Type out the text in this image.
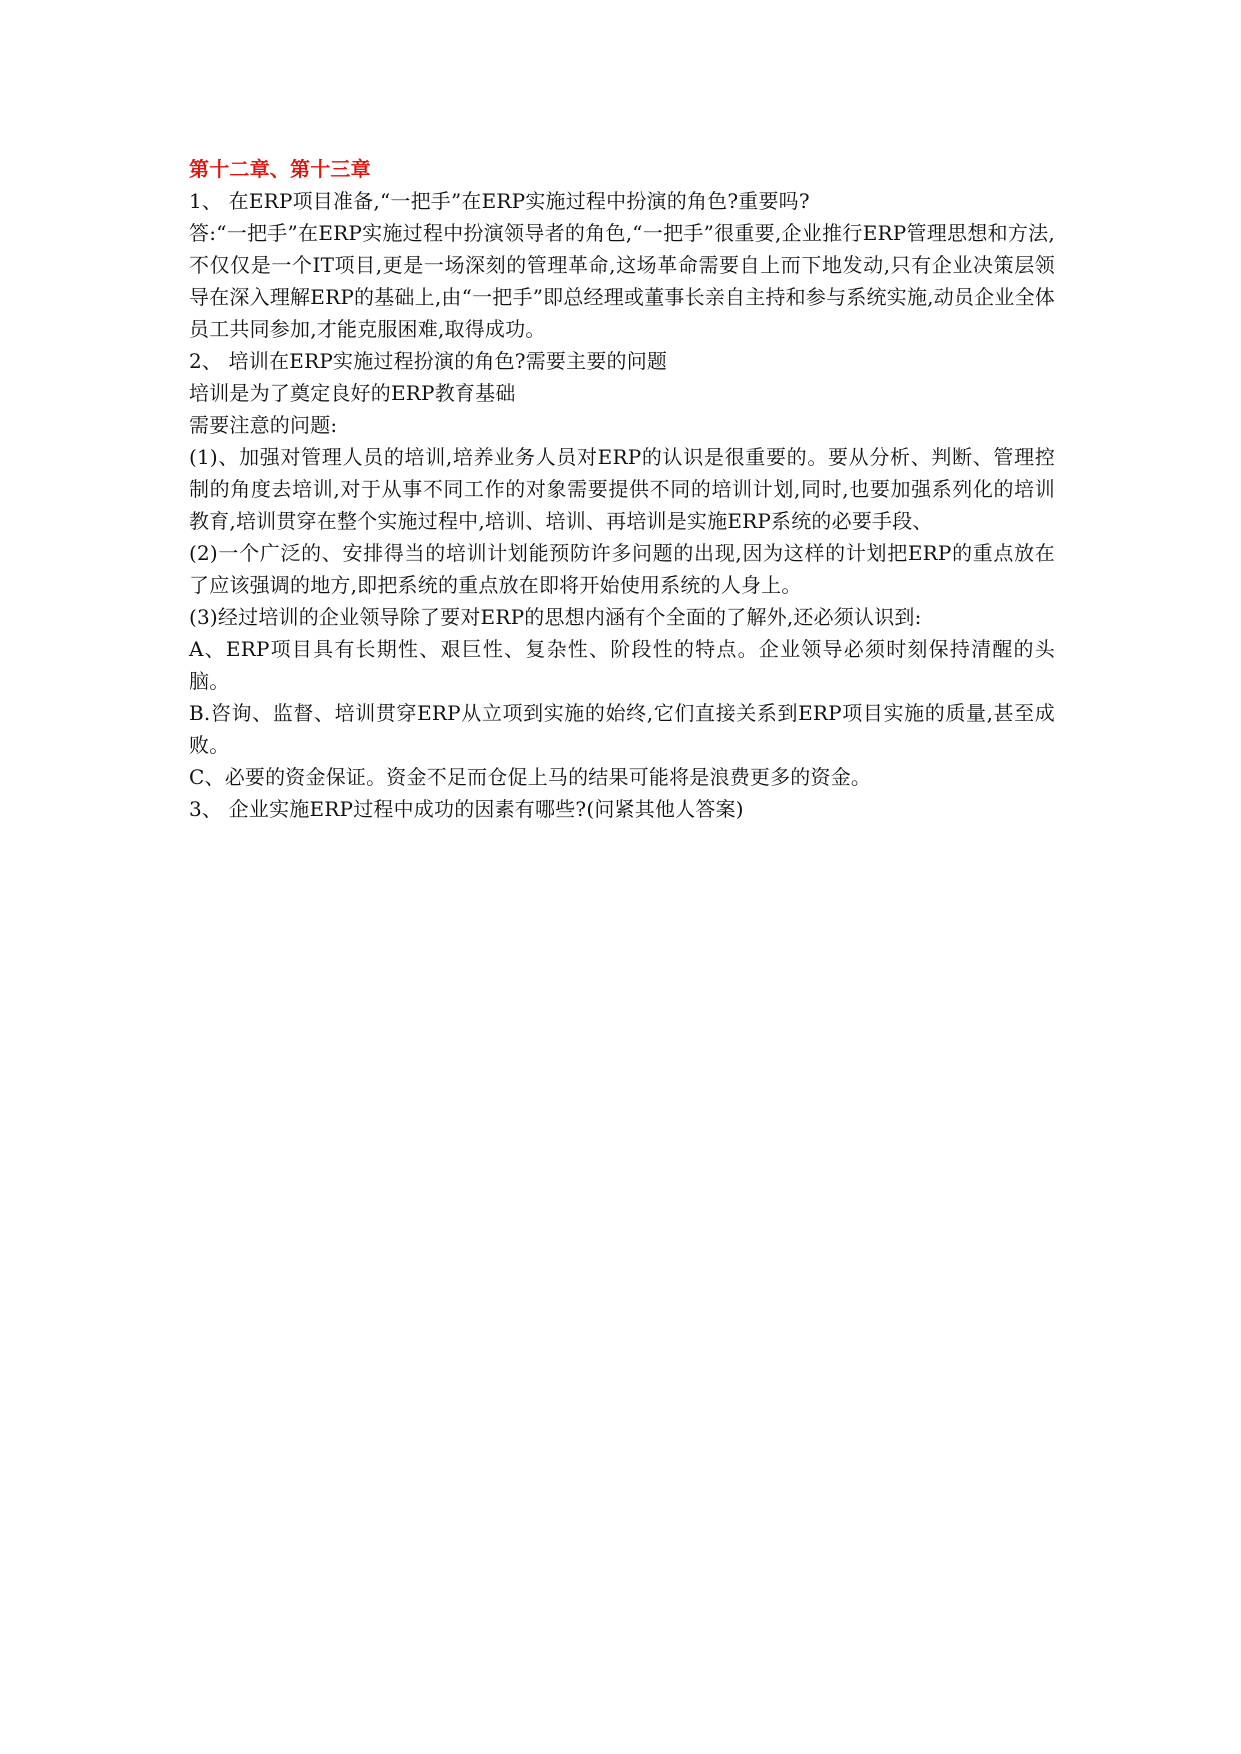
第十二章、第十三章

1、 在ERP项目准备,“一把手”在ERP实施过程中扮演的角色?重要吗?

答:“一把手”在ERP实施过程中扮演领导者的角色,“一把手”很重要,企业推行ERP管理思想和方法,不仅仅是一个IT项目,更是一场深刻的管理革命,这场革命需要自上而下地发动,只有企业决策层领导在深入理解ERP的基础上,由“一把手”即总经理或董事长亲自主持和参与系统实施,动员企业全体员工共同参加,才能克服困难,取得成功。

2、 培训在ERP实施过程扮演的角色?需要主要的问题

培训是为了奠定良好的ERP教育基础

需要注意的问题:

(1)、加强对管理人员的培训,培养业务人员对ERP的认识是很重要的。要从分析、判断、管理控制的角度去培训,对于从事不同工作的对象需要提供不同的培训计划,同时,也要加强系列化的培训教育,培训贯穿在整个实施过程中,培训、培训、再培训是实施ERP系统的必要手段、

(2)一个广泛的、安排得当的培训计划能预防许多问题的出现,因为这样的计划把ERP的重点放在了应该强调的地方,即把系统的重点放在即将开始使用系统的人身上。

(3)经过培训的企业领导除了要对ERP的思想内涵有个全面的了解外,还必须认识到:

A、ERP项目具有长期性、艰巨性、复杂性、阶段性的特点。企业领导必须时刻保持清醒的头脑。

B.咨询、监督、培训贯穿ERP从立项到实施的始终,它们直接关系到ERP项目实施的质量,甚至成败。

C、必要的资金保证。资金不足而仓促上马的结果可能将是浪费更多的资金。

3、 企业实施ERP过程中成功的因素有哪些?(问紧其他人答案)
